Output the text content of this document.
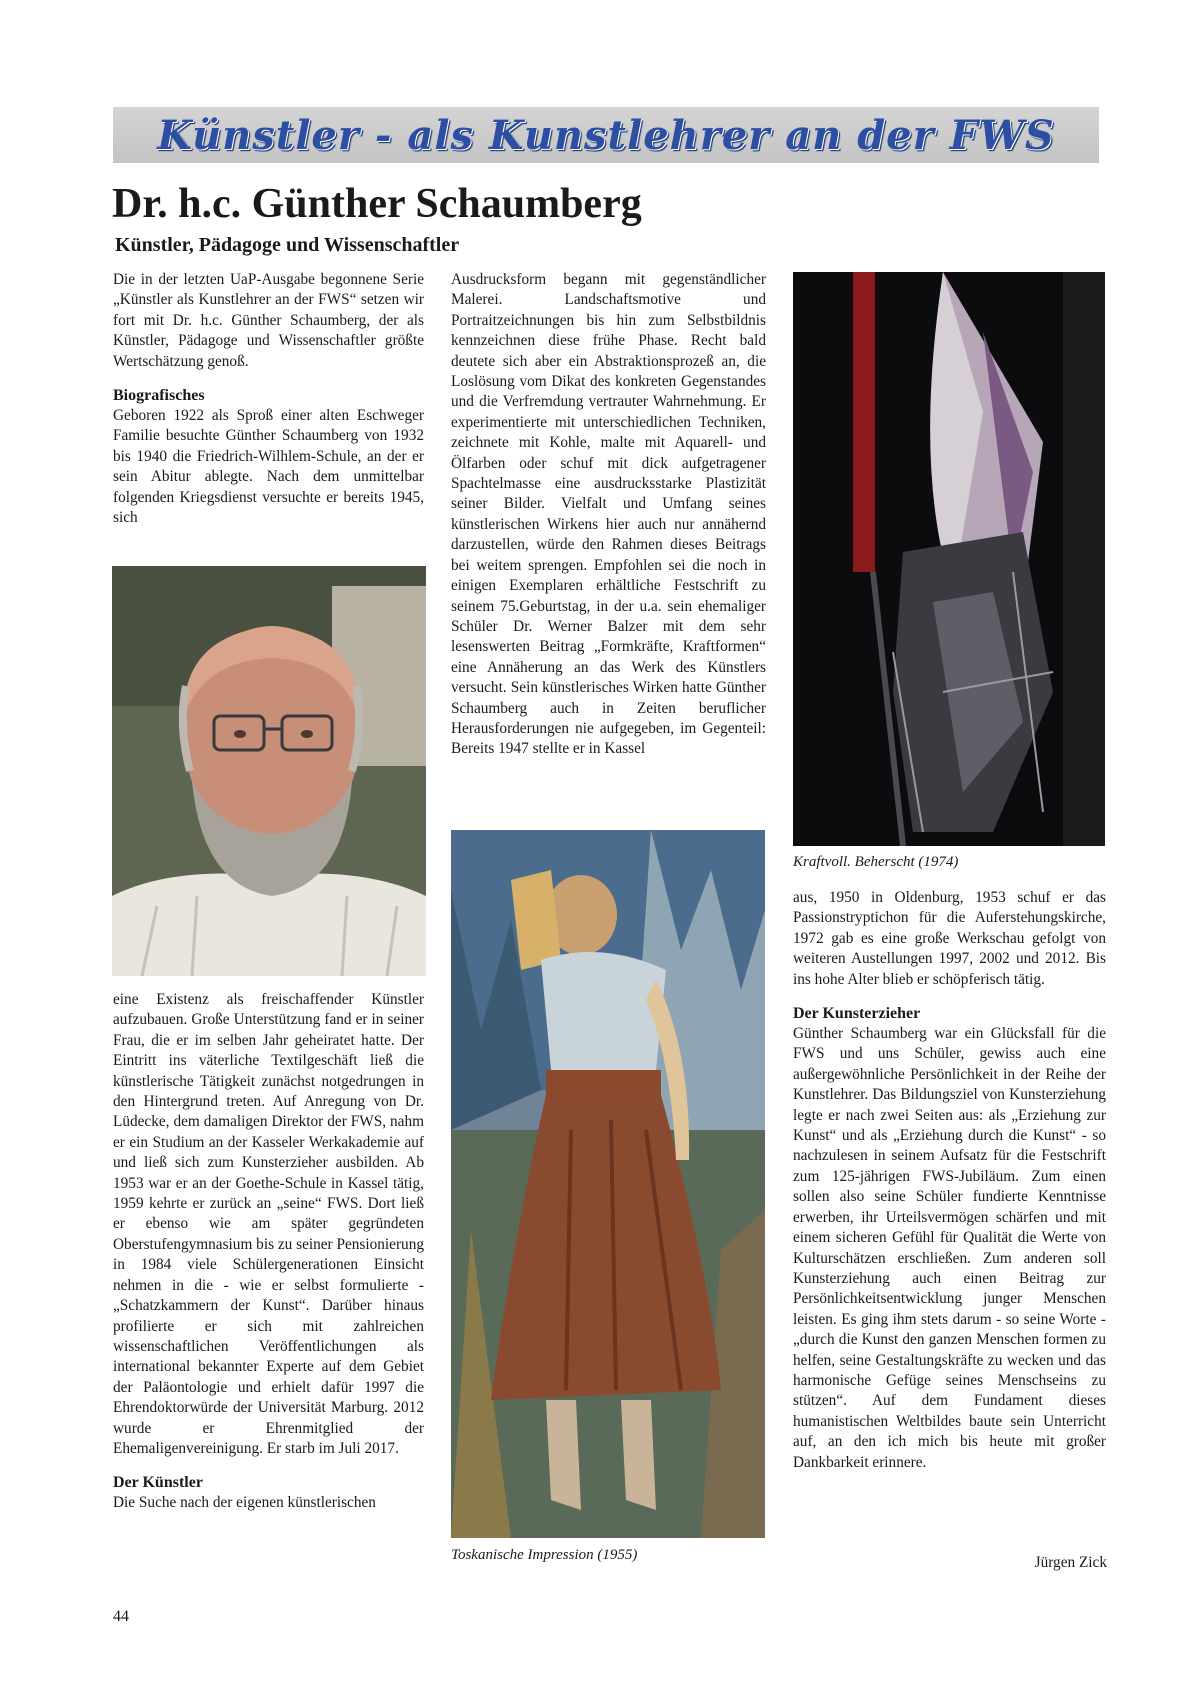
Künstler - als Kunstlehrer an der FWS
Dr. h.c. Günther Schaumberg
Künstler, Pädagoge und Wissenschaftler

Die in der letzten UaP-Ausgabe begonnene Serie „Künstler als Kunstlehrer an der FWS“ setzen wir fort mit Dr. h.c. Günther Schaumberg, der als Künstler, Pädagoge und Wissenschaftler größte Wertschätzung genoß.

Biografisches

Geboren 1922 als Sproß einer alten Eschweger Familie besuchte Günther Schaumberg von 1932 bis 1940 die Friedrich-Wilhlem-Schule, an der er sein Abitur ablegte. Nach dem unmittelbar folgenden Kriegsdienst versuchte er bereits 1945, sich

eine Existenz als freischaffender Künstler aufzubauen. Große Unterstützung fand er in seiner Frau, die er im selben Jahr geheiratet hatte. Der Eintritt ins väterliche Textilgeschäft ließ die künstlerische Tätigkeit zunächst notgedrungen in den Hintergrund treten. Auf Anregung von Dr. Lüdecke, dem damaligen Direktor der FWS, nahm er ein Studium an der Kasseler Werkakademie auf und ließ sich zum Kunsterzieher ausbilden. Ab 1953 war er an der Goethe-Schule in Kassel tätig, 1959 kehrte er zurück an „seine“ FWS. Dort ließ er ebenso wie am später gegründeten Oberstufengymnasium bis zu seiner Pensionierung in 1984 viele Schülergenerationen Einsicht nehmen in die - wie er selbst formulierte - „Schatzkammern der Kunst“. Darüber hinaus profilierte er sich mit zahlreichen wissenschaftlichen Veröffentlichungen als international bekannter Experte auf dem Gebiet der Paläontologie und erhielt dafür 1997 die Ehrendoktorwürde der Universität Marburg. 2012 wurde er Ehrenmitglied der Ehemaligenvereinigung. Er starb im Juli 2017.

Der Künstler

Die Suche nach der eigenen künstlerischen

Ausdrucksform begann mit gegenständlicher Malerei. Landschaftsmotive und Portraitzeichnungen bis hin zum Selbstbildnis kennzeichnen diese frühe Phase. Recht bald deutete sich aber ein Abstraktionsprozeß an, die Loslösung vom Dikat des konkreten Gegenstandes und die Verfremdung vertrauter Wahrnehmung. Er experimentierte mit unterschiedlichen Techniken, zeichnete mit Kohle, malte mit Aquarell- und Ölfarben oder schuf mit dick aufgetragener Spachtelmasse eine ausdrucksstarke Plastizität seiner Bilder. Vielfalt und Umfang seines künstlerischen Wirkens hier auch nur annähernd darzustellen, würde den Rahmen dieses Beitrags bei weitem sprengen. Empfohlen sei die noch in einigen Exemplaren erhältliche Festschrift zu seinem 75.Geburtstag, in der u.a. sein ehemaliger Schüler Dr. Werner Balzer mit dem sehr lesenswerten Beitrag „Formkräfte, Kraftformen“ eine Annäherung an das Werk des Künstlers versucht. Sein künstlerisches Wirken hatte Günther Schaumberg auch in Zeiten beruflicher Herausforderungen nie aufgegeben, im Gegenteil: Bereits 1947 stellte er in Kassel

Toskanische Impression (1955)

Kraftvoll. Beherscht (1974)

aus, 1950 in Oldenburg, 1953 schuf er das Passionstryptichon für die Auferstehungskirche, 1972 gab es eine große Werkschau gefolgt von weiteren Austellungen 1997, 2002 und 2012. Bis ins hohe Alter blieb er schöpferisch tätig.

Der Kunsterzieher

Günther Schaumberg war ein Glücksfall für die FWS und uns Schüler, gewiss auch eine außergewöhnliche Persönlichkeit in der Reihe der Kunstlehrer. Das Bildungsziel von Kunsterziehung legte er nach zwei Seiten aus: als „Erziehung zur Kunst“ und als „Erziehung durch die Kunst“ - so nachzulesen in seinem Aufsatz für die Festschrift zum 125-jährigen FWS-Jubiläum. Zum einen sollen also seine Schüler fundierte Kenntnisse erwerben, ihr Urteilsvermögen schärfen und mit einem sicheren Gefühl für Qualität die Werte von Kulturschätzen erschließen. Zum anderen soll Kunsterziehung auch einen Beitrag zur Persönlichkeitsentwicklung junger Menschen leisten. Es ging ihm stets darum - so seine Worte - „durch die Kunst den ganzen Menschen formen zu helfen, seine Gestaltungskräfte zu wecken und das harmonische Gefüge seines Menschseins zu stützen“. Auf dem Fundament dieses humanistischen Weltbildes baute sein Unterricht auf, an den ich mich bis heute mit großer Dankbarkeit erinnere.

Jürgen Zick

44
